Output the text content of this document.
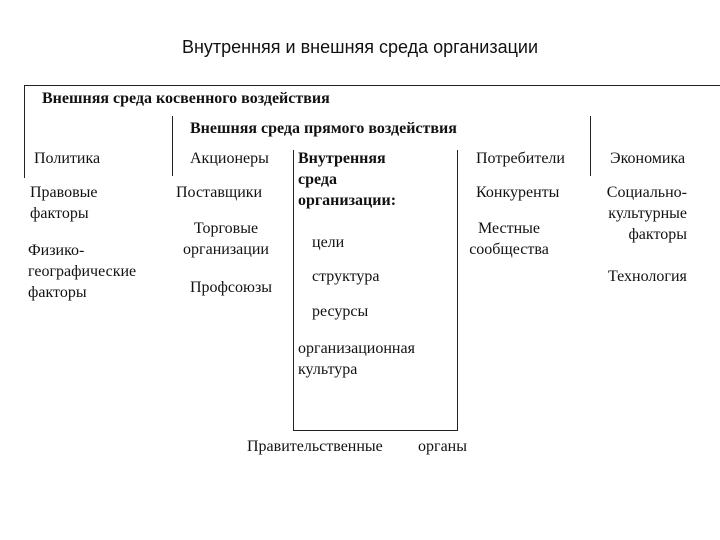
Внутренняя и внешняя среда организации
Внешняя среда косвенного воздействия
Внешняя среда прямого воздействия
Политика
Правовые
факторы
Физико-
географические
факторы
Экономика
Социально-
культурные
факторы
Технология
Акционеры
Поставщики
Торговые
организации
Профсоюзы
Потребители
Конкуренты
Местные
сообщества
Правительственные органы
Внутренняя
среда
организации:
цели
структура
ресурсы
организационная
культура
